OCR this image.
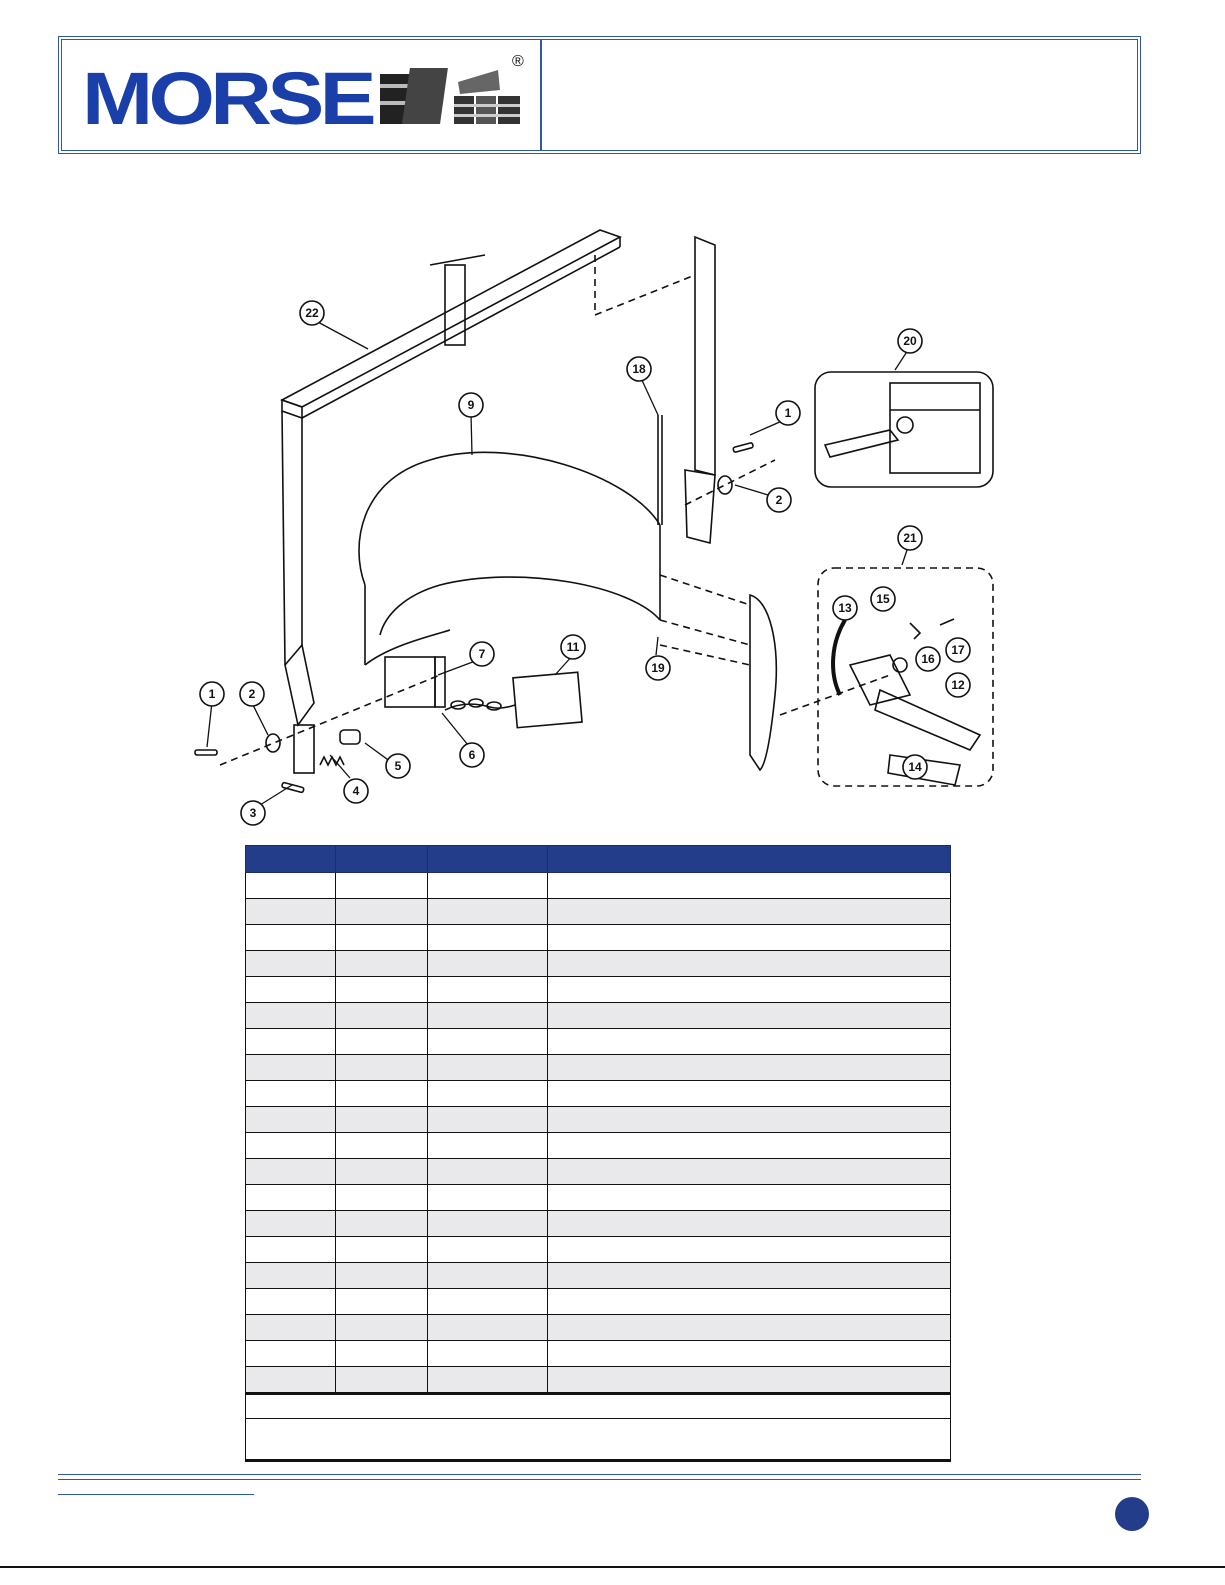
MORSE	®
22
9
18
20
1
2
21
13
15
17
16
12
14
11
19
7
6
5
4
1	2
3
